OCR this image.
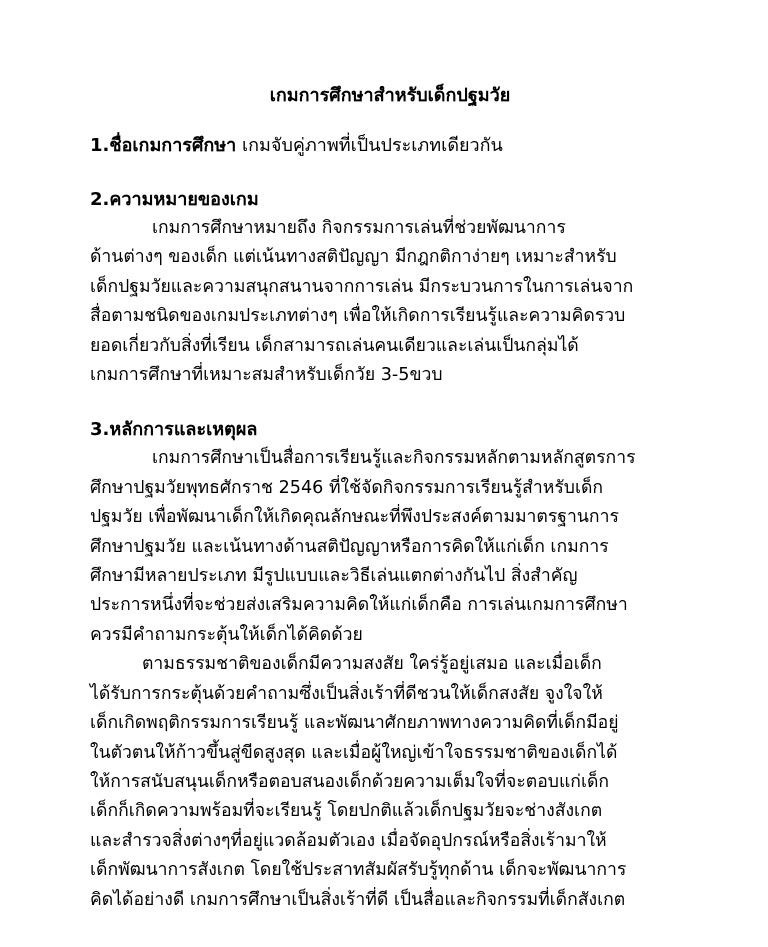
เกมการศึกษาสำหรับเด็กปฐมวัย
1.ชื่อเกมการศึกษา เกมจับคู่ภาพที่เป็นประเภทเดียวกัน
2.ความหมายของเกม
เกมการศึกษาหมายถึง กิจกรรมการเล่นที่ช่วยพัฒนาการ
ด้านต่างๆ ของเด็ก แต่เน้นทางสติปัญญา มีกฎกติกาง่ายๆ เหมาะสำหรับ
เด็กปฐมวัยและความสนุกสนานจากการเล่น มีกระบวนการในการเล่นจาก
สื่อตามชนิดของเกมประเภทต่างๆ เพื่อให้เกิดการเรียนรู้และความคิดรวบ
ยอดเกี่ยวกับสิ่งที่เรียน เด็กสามารถเล่นคนเดียวและเล่นเป็นกลุ่มได้
เกมการศึกษาที่เหมาะสมสำหรับเด็กวัย 3-5ขวบ
3.หลักการและเหตุผล
เกมการศึกษาเป็นสื่อการเรียนรู้และกิจกรรมหลักตามหลักสูตรการ
ศึกษาปฐมวัยพุทธศักราช 2546 ที่ใช้จัดกิจกรรมการเรียนรู้สำหรับเด็ก
ปฐมวัย เพื่อพัฒนาเด็กให้เกิดคุณลักษณะที่พึงประสงค์ตามมาตรฐานการ
ศึกษาปฐมวัย และเน้นทางด้านสติปัญญาหรือการคิดให้แก่เด็ก เกมการ
ศึกษามีหลายประเภท มีรูปแบบและวิธีเล่นแตกต่างกันไป สิ่งสำคัญ
ประการหนึ่งที่จะช่วยส่งเสริมความคิดให้แก่เด็กคือ การเล่นเกมการศึกษา
ควรมีคำถามกระตุ้นให้เด็กได้คิดด้วย
ตามธรรมชาติของเด็กมีความสงสัย ใคร่รู้อยู่เสมอ และเมื่อเด็ก
ได้รับการกระตุ้นด้วยคำถามซึ่งเป็นสิ่งเร้าที่ดีชวนให้เด็กสงสัย จูงใจให้
เด็กเกิดพฤติกรรมการเรียนรู้ และพัฒนาศักยภาพทางความคิดที่เด็กมีอยู่
ในตัวตนให้ก้าวขึ้นสู่ขีดสูงสุด และเมื่อผู้ใหญ่เข้าใจธรรมชาติของเด็กได้
ให้การสนับสนุนเด็กหรือตอบสนองเด็กด้วยความเต็มใจที่จะตอบแก่เด็ก
เด็กก็เกิดความพร้อมที่จะเรียนรู้ โดยปกติแล้วเด็กปฐมวัยจะช่างสังเกต
และสำรวจสิ่งต่างๆที่อยู่แวดล้อมตัวเอง เมื่อจัดอุปกรณ์หรือสิ่งเร้ามาให้
เด็กพัฒนาการสังเกต โดยใช้ประสาทสัมผัสรับรู้ทุกด้าน เด็กจะพัฒนาการ
คิดได้อย่างดี เกมการศึกษาเป็นสิ่งเร้าที่ดี เป็นสื่อและกิจกรรมที่เด็กสังเกต
